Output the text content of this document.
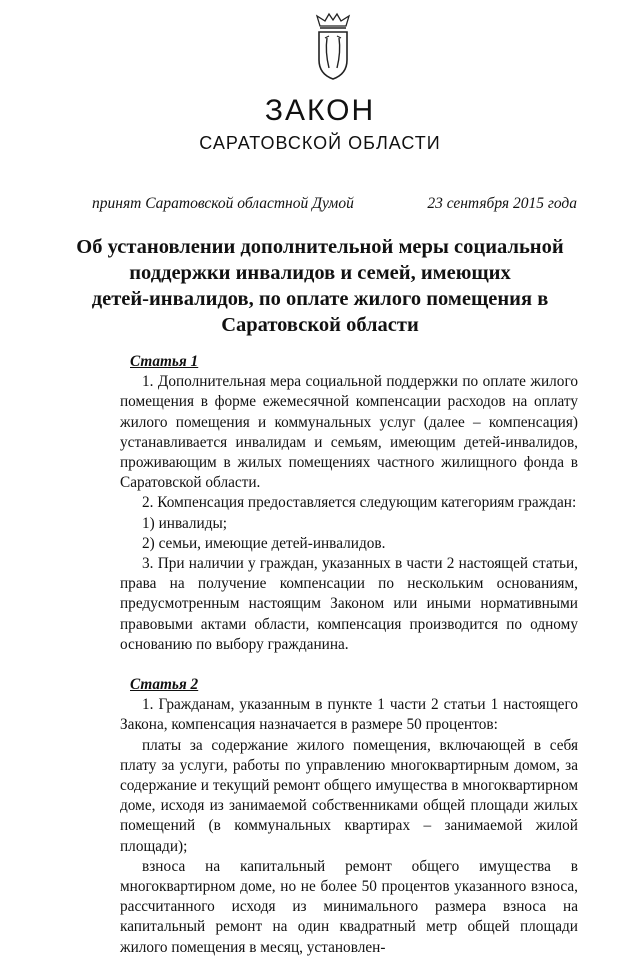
ЗАКОН
САРАТОВСКОЙ ОБЛАСТИ
принят Саратовской областной Думой	23 сентября 2015 года
Об установлении дополнительной меры социальной
поддержки инвалидов и семей, имеющих
детей-инвалидов, по оплате жилого помещения в
Саратовской области

Статья 1

1. Дополнительная мера социальной поддержки по оплате жилого помещения в форме ежемесячной компенсации расходов на оплату жилого помещения и коммунальных услуг (далее – компенсация) устанавливается инвалидам и семьям, имеющим детей-инвалидов, проживающим в жилых помещениях частного жилищного фонда в Саратовской области.

2. Компенсация предоставляется следующим категориям граждан:

1) инвалиды;

2) семьи, имеющие детей-инвалидов.

3. При наличии у граждан, указанных в части 2 настоящей статьи, права на получение компенсации по нескольким основаниям, предусмотренным настоящим Законом или иными нормативными правовыми актами области, компенсация производится по одному основанию по выбору гражданина.

Статья 2

1. Гражданам, указанным в пункте 1 части 2 статьи 1 настоящего Закона, компенсация назначается в размере 50 процентов:

платы за содержание жилого помещения, включающей в себя плату за услуги, работы по управлению многоквартирным домом, за содержание и текущий ремонт общего имущества в многоквартирном доме, исходя из занимаемой собственниками общей площади жилых помещений (в коммунальных квартирах – занимаемой жилой площади);

взноса на капитальный ремонт общего имущества в многоквартирном доме, но не более 50 процентов указанного взноса, рассчитанного исходя из минимального размера взноса на капитальный ремонт на один квадратный метр общей площади жилого помещения в месяц, установлен-
